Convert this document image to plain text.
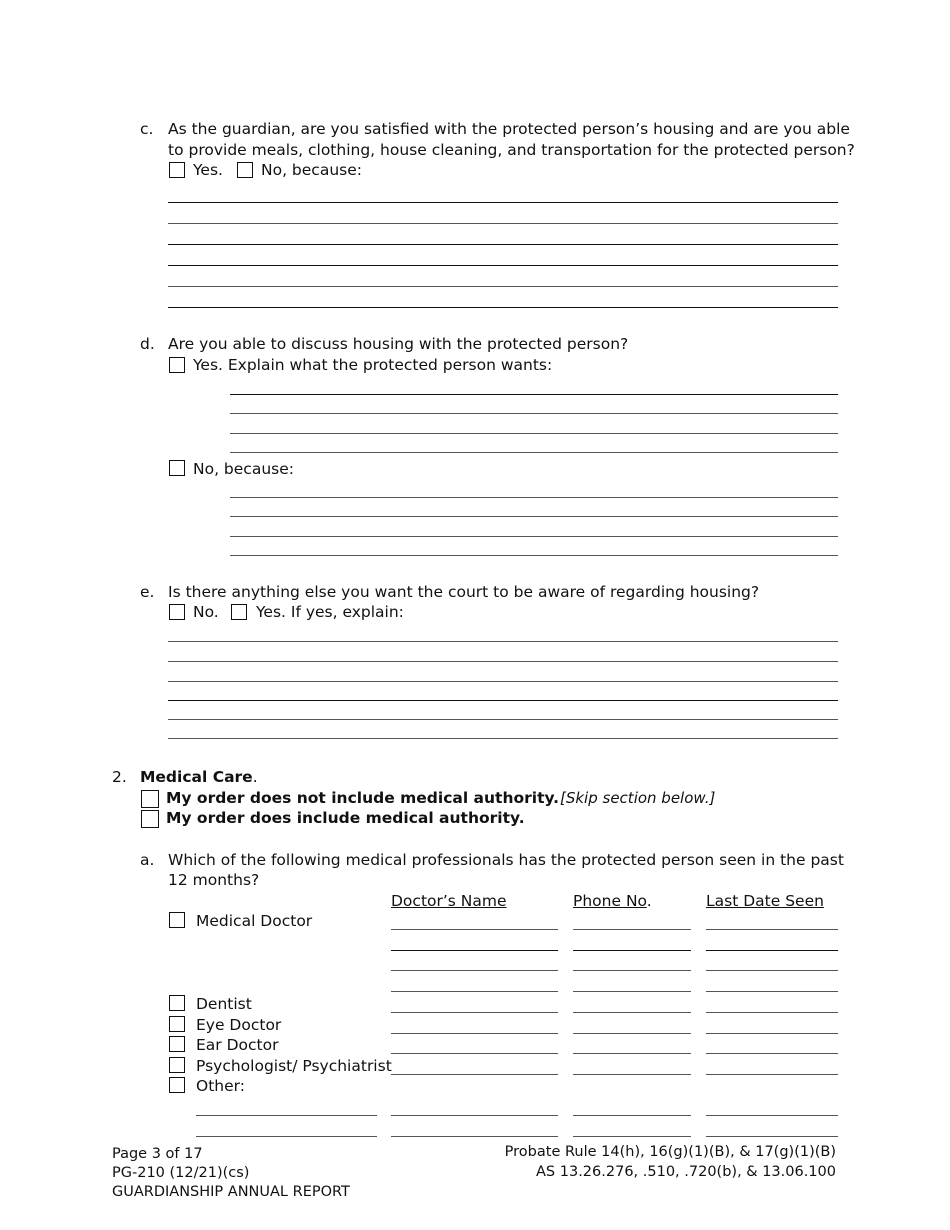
c. As the guardian, are you satisfied with the protected person’s housing and are you able
to provide meals, clothing, house cleaning, and transportation for the protected person?
Yes. No, because:
d. Are you able to discuss housing with the protected person?
Yes. Explain what the protected person wants:
No, because:
e. Is there anything else you want the court to be aware of regarding housing?
No. Yes. If yes, explain:
2. Medical Care.
My order does not include medical authority. [Skip section below.]
My order does include medical authority.
a. Which of the following medical professionals has the protected person seen in the past
12 months?
Doctor’s Name	Phone No.	Last Date Seen
Medical Doctor
Dentist
Eye Doctor
Ear Doctor
Psychologist/ Psychiatrist
Other:
Page 3 of 17
PG-210 (12/21)(cs)
GUARDIANSHIP ANNUAL REPORT
Probate Rule 14(h), 16(g)(1)(B), & 17(g)(1)(B)
AS 13.26.276, .510, .720(b), & 13.06.100
